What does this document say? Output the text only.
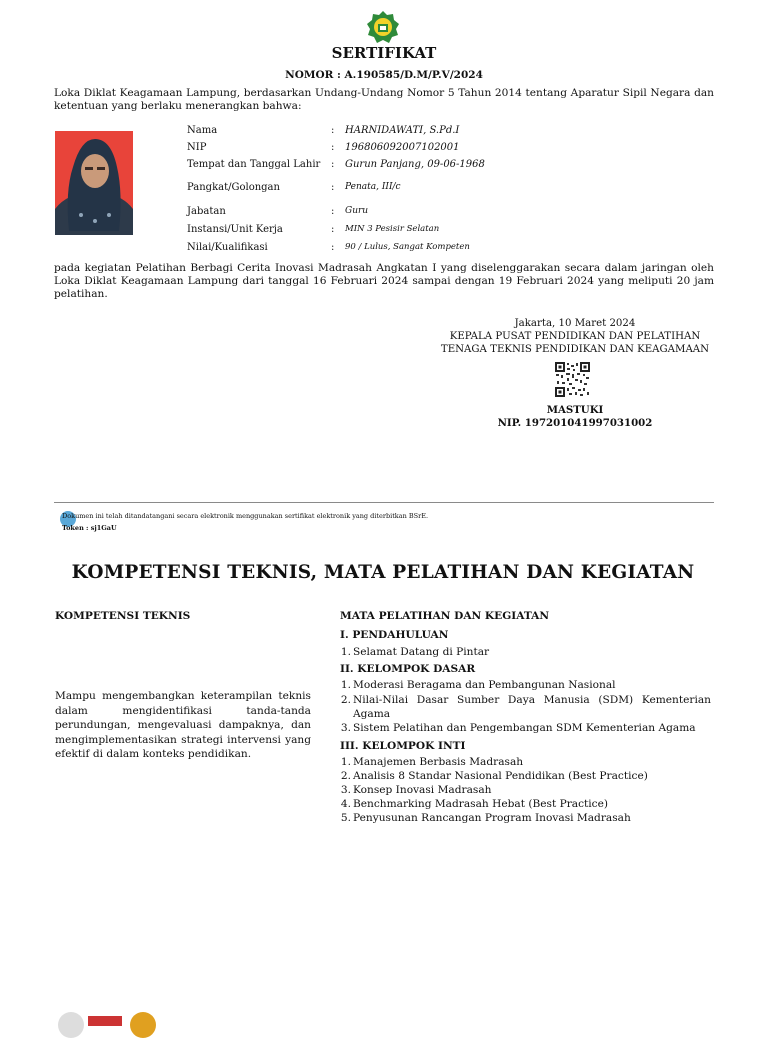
SERTIFIKAT
NOMOR : A.190585/D.M/P.V/2024
Loka Diklat Keagamaan Lampung, berdasarkan Undang-Undang Nomor 5 Tahun 2014 tentang Aparatur Sipil Negara dan ketentuan yang berlaku menerangkan bahwa:
Nama	: HARNIDAWATI, S.Pd.I
NIP	: 196806092007102001
Tempat dan Tanggal Lahir	: Gurun Panjang, 09-06-1968
Pangkat/Golongan	: Penata, III/c
Jabatan	: Guru
Instansi/Unit Kerja	: MIN 3 Pesisir Selatan
Nilai/Kualifikasi	: 90 / Lulus, Sangat Kompeten
pada kegiatan Pelatihan Berbagi Cerita Inovasi Madrasah Angkatan I yang diselenggarakan secara dalam jaringan oleh Loka Diklat Keagamaan Lampung dari tanggal 16 Februari 2024 sampai dengan 19 Februari 2024 yang meliputi 20 jam pelatihan.
Jakarta, 10 Maret 2024
KEPALA PUSAT PENDIDIKAN DAN PELATIHAN
TENAGA TEKNIS PENDIDIKAN DAN KEAGAMAAN
MASTUKI
NIP. 197201041997031002
Dokumen ini telah ditandatangani secara elektronik menggunakan sertifikat elektronik yang diterbitkan BSrE.
Token : sj1GaU
KOMPETENSI TEKNIS, MATA PELATIHAN DAN KEGIATAN
KOMPETENSI TEKNIS	MATA PELATIHAN DAN KEGIATAN
Mampu mengembangkan keterampilan teknis dalam mengidentifikasi tanda-tanda perundungan, mengevaluasi dampaknya, dan mengimplementasikan strategi intervensi yang efektif di dalam konteks pendidikan.
I. PENDAHULUAN
1. Selamat Datang di Pintar
II. KELOMPOK DASAR
1. Moderasi Beragama dan Pembangunan Nasional
2. Nilai-Nilai Dasar Sumber Daya Manusia (SDM) Kementerian Agama
3. Sistem Pelatihan dan Pengembangan SDM Kementerian Agama
III. KELOMPOK INTI
1. Manajemen Berbasis Madrasah
2. Analisis 8 Standar Nasional Pendidikan (Best Practice)
3. Konsep Inovasi Madrasah
4. Benchmarking Madrasah Hebat (Best Practice)
5. Penyusunan Rancangan Program Inovasi Madrasah
